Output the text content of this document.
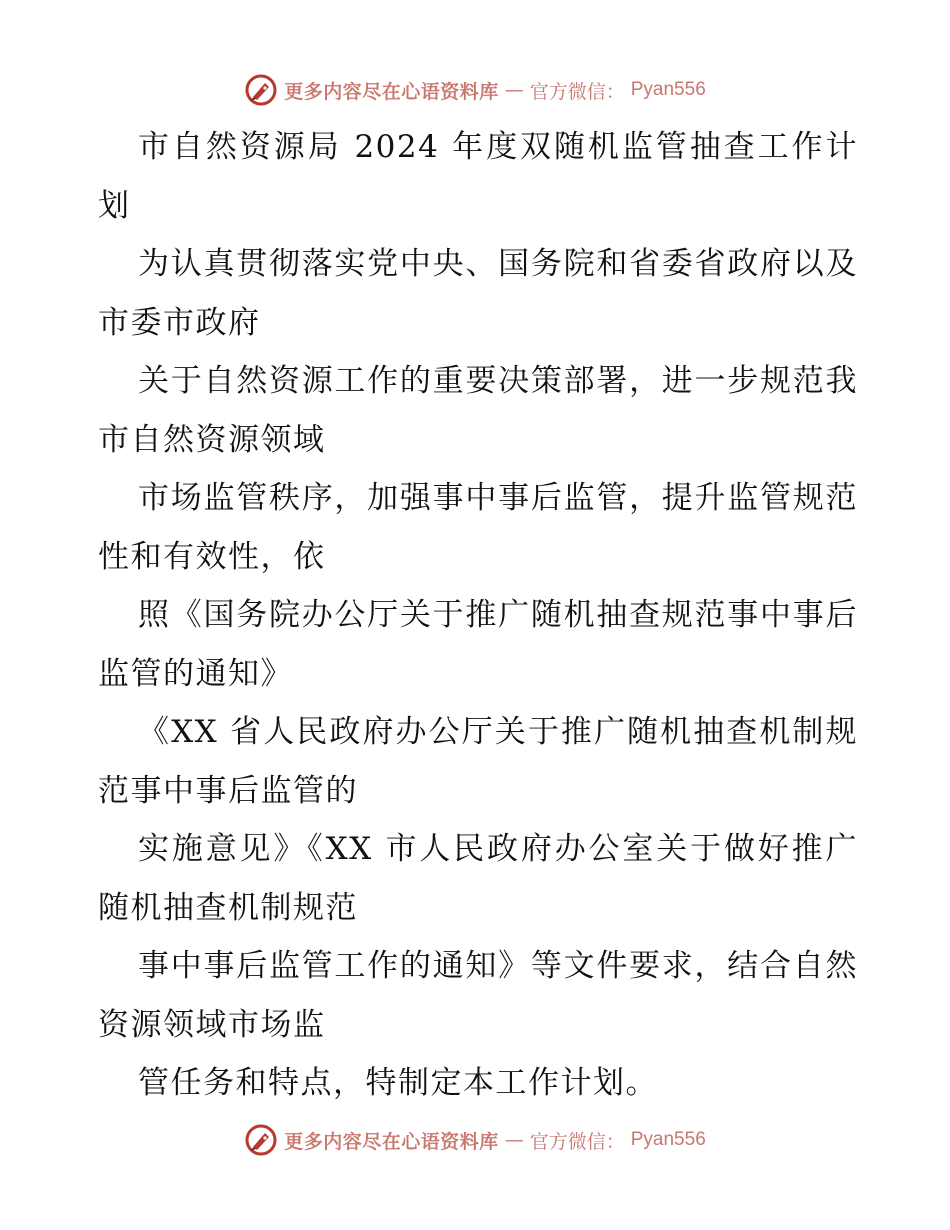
更多内容尽在心语资料库 — 官方微信： Pyan556

市自然资源局 2024 年度双随机监管抽查工作计划

为认真贯彻落实党中央、国务院和省委省政府以及市委市政府

关于自然资源工作的重要决策部署，进一步规范我市自然资源领域

市场监管秩序，加强事中事后监管，提升监管规范性和有效性，依

照《国务院办公厅关于推广随机抽查规范事中事后监管的通知》

《XX 省人民政府办公厅关于推广随机抽查机制规范事中事后监管的

实施意见》《XX 市人民政府办公室关于做好推广随机抽查机制规范

事中事后监管工作的通知》等文件要求，结合自然资源领域市场监

管任务和特点，特制定本工作计划。

更多内容尽在心语资料库 — 官方微信： Pyan556
